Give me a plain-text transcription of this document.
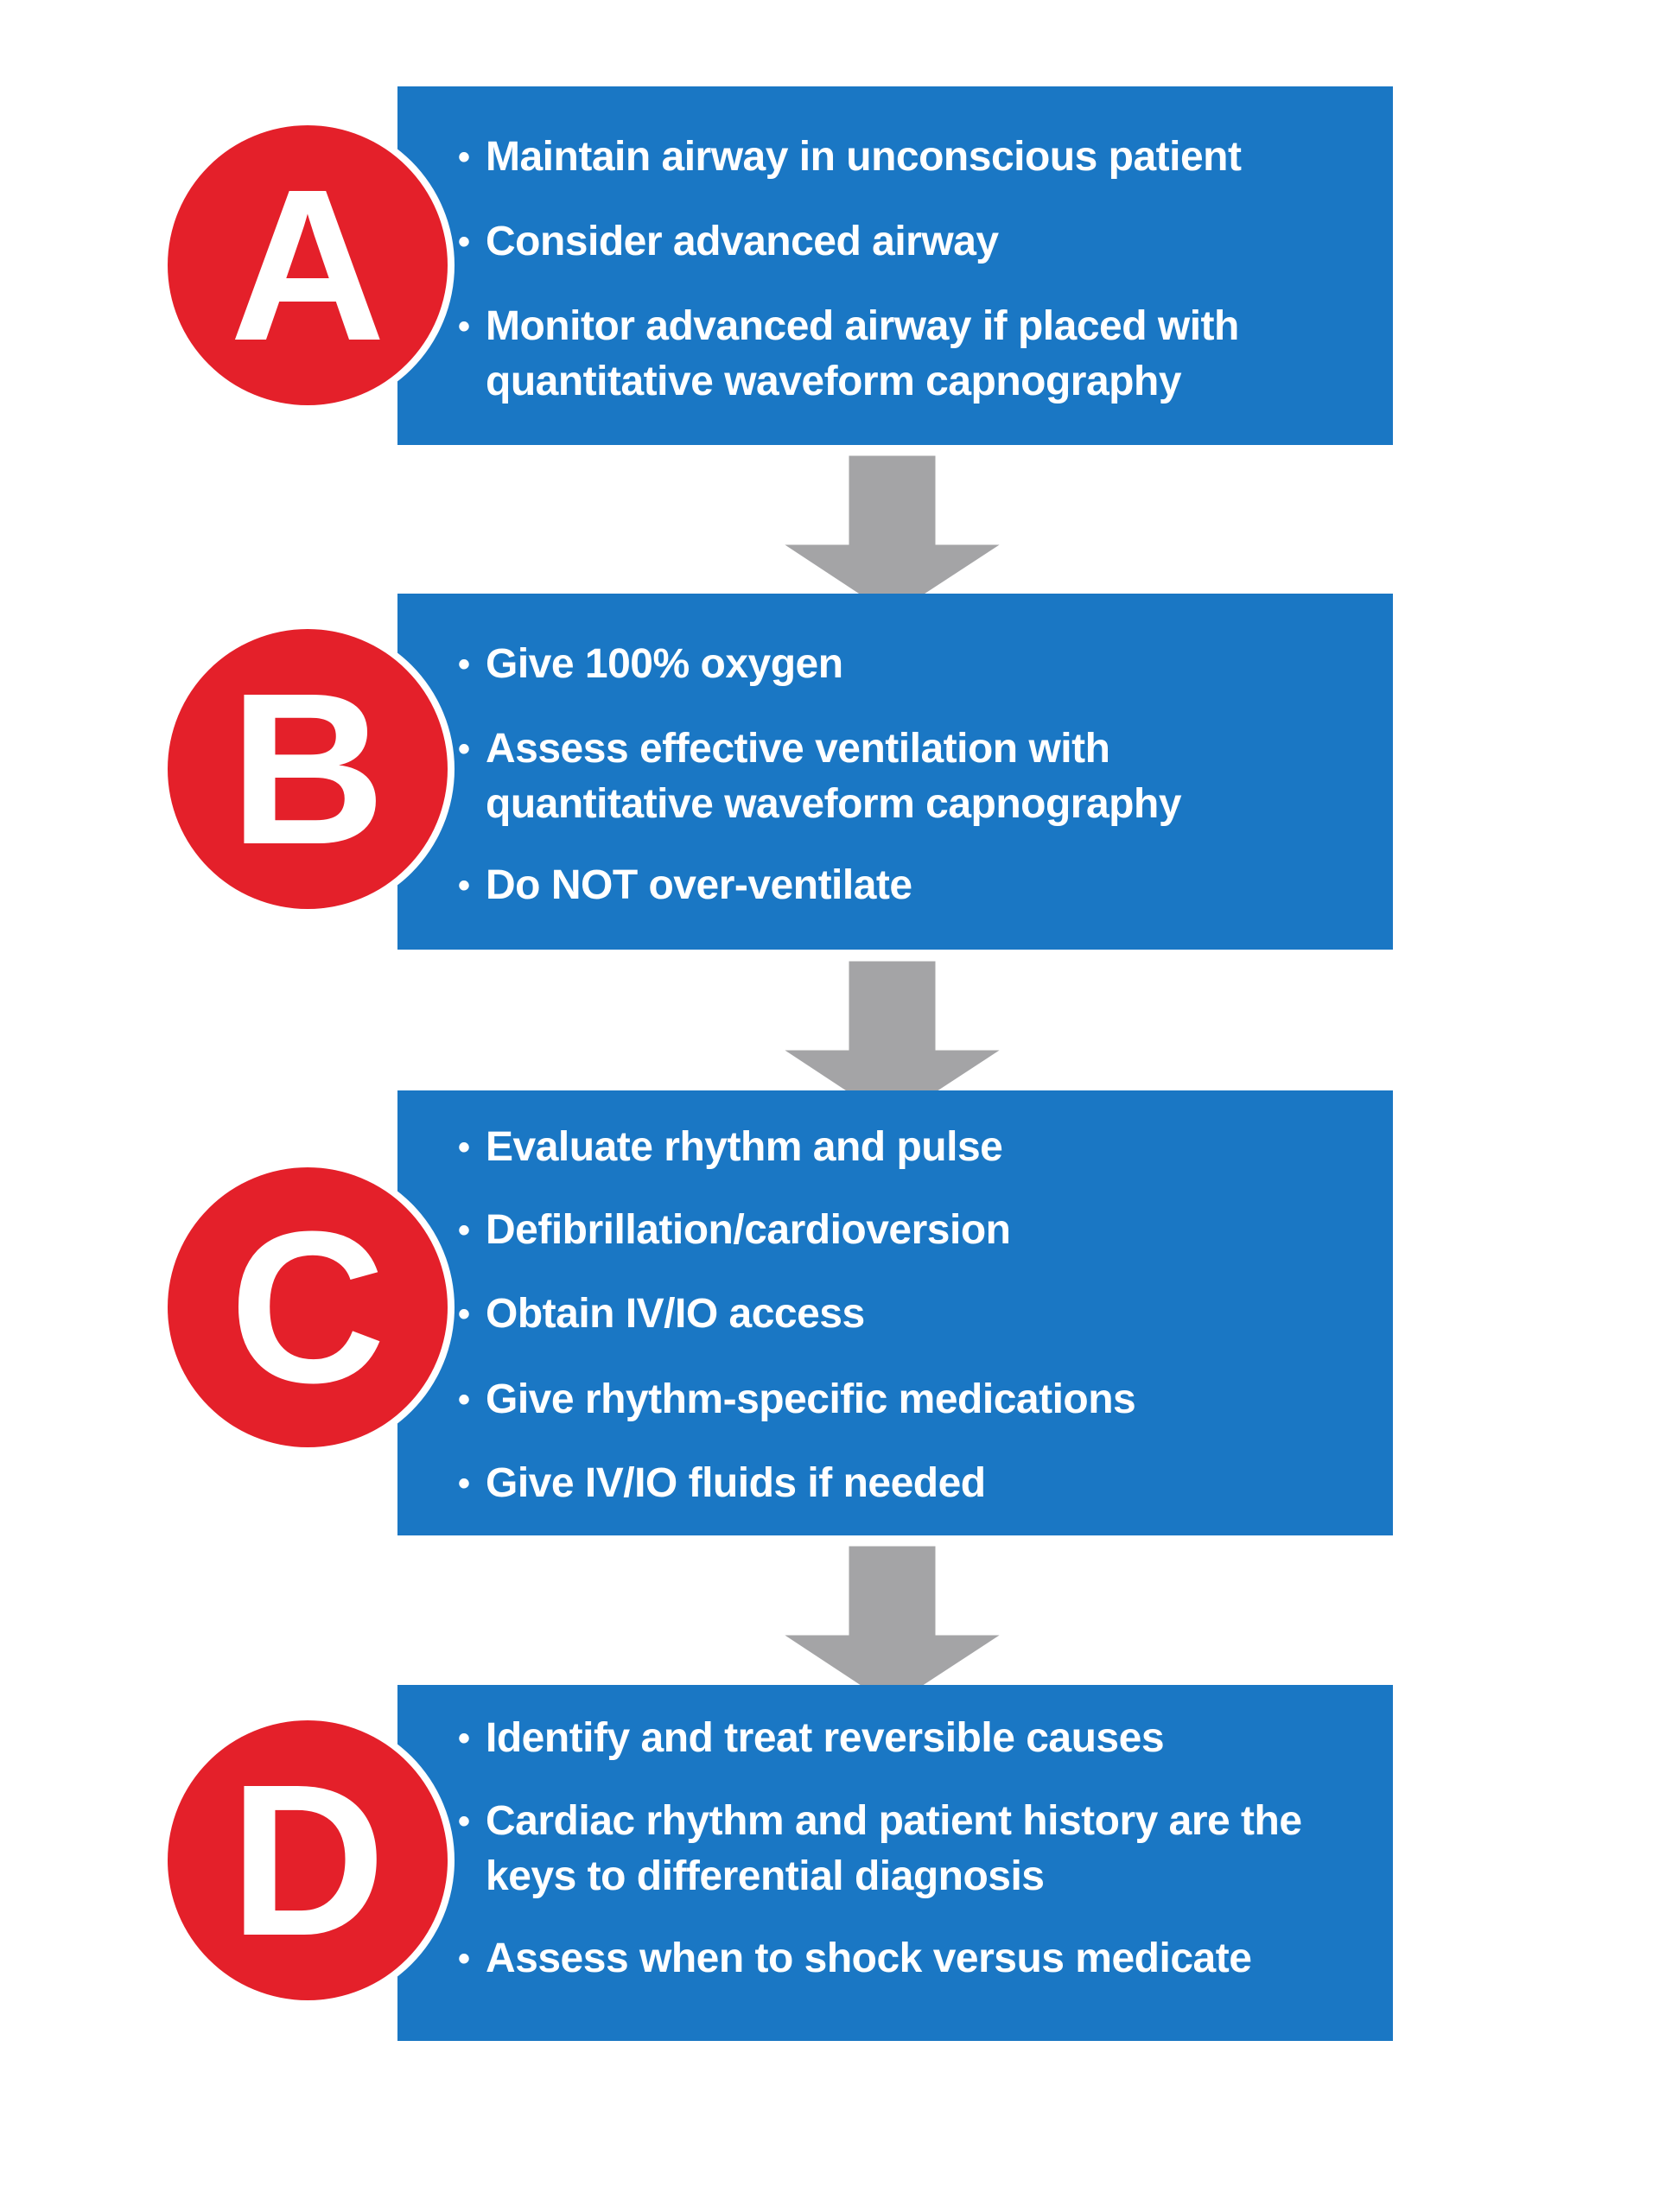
• Maintain airway in unconscious patient
• Consider advanced airway
• Monitor advanced airway if placed with quantitative waveform capnography
A
• Give 100% oxygen
• Assess effective ventilation with quantitative waveform capnography
• Do NOT over-ventilate
B
• Evaluate rhythm and pulse
• Defibrillation/cardioversion
• Obtain IV/IO access
• Give rhythm-specific medications
• Give IV/IO fluids if needed
C
• Identify and treat reversible causes
• Cardiac rhythm and patient history are the keys to differential diagnosis
• Assess when to shock versus medicate
D
